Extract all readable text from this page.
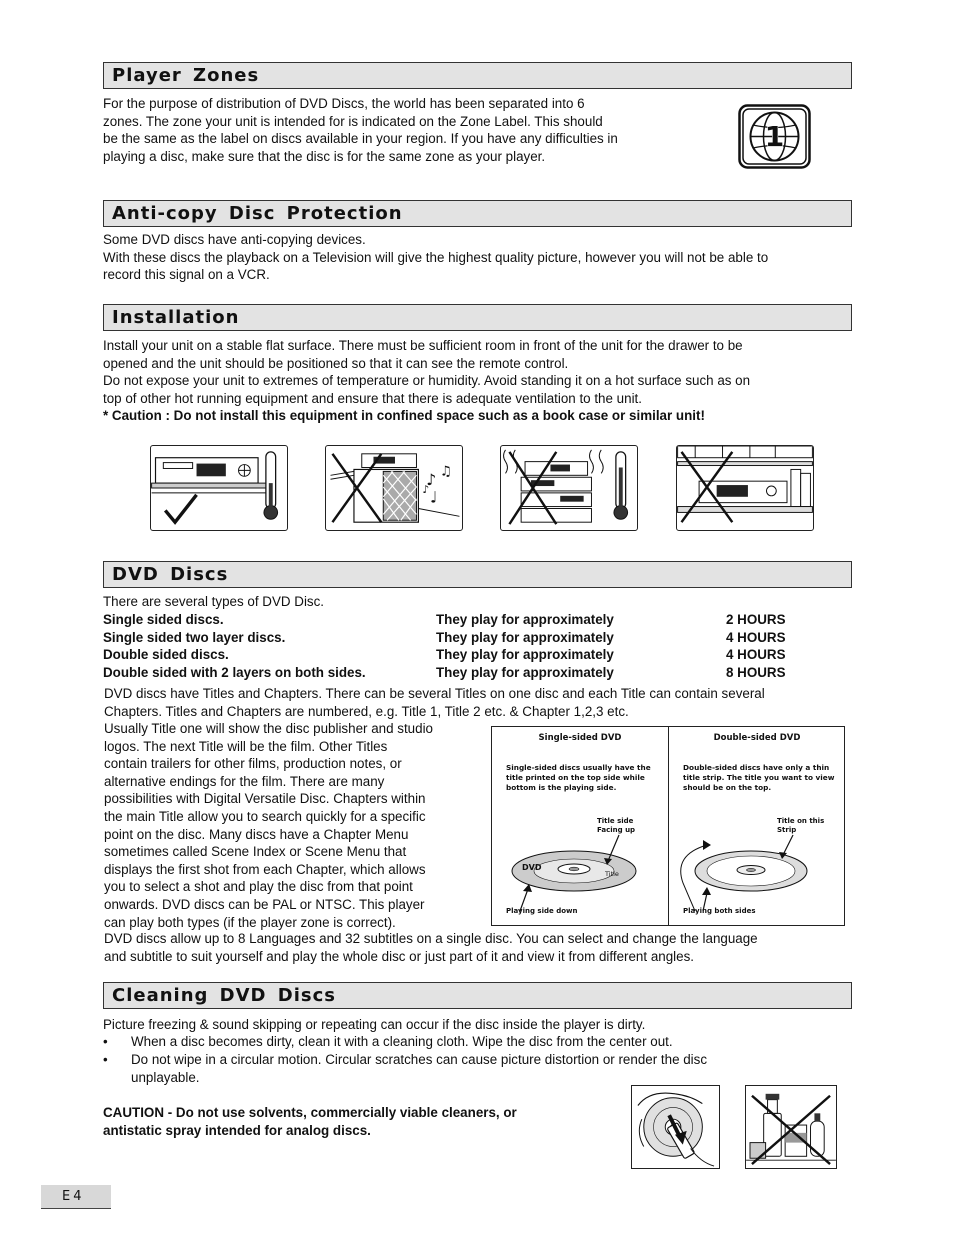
Player Zones

For the purpose of distribution of DVD Discs, the world has been separated into 6

zones. The zone your unit is intended for is indicated on the Zone Label. This should

be the same as the label on discs available in your region. If you have any difficulties in

playing a disc, make sure that the disc is for the same zone as your player.

1
Anti-copy Disc Protection

Some DVD discs have anti-copying devices.

With these discs the playback on a Television will give the highest quality picture, however you will not be able to

record this signal on a VCR.

Installation

Install your unit on a stable flat surface. There must be sufficient room in front of the unit for the drawer to be

opened and the unit should be positioned so that it can see the remote control.

Do not expose your unit to extremes of temperature or humidity. Avoid standing it on a hot surface such as on

top of other hot running equipment and ensure that there is adequate ventilation to the unit.

* Caution : Do not install this equipment in confined space such as a book case or similar unit!

♪ ♫
♩
♪
DVD Discs
There are several types of DVD Disc.
Single sided discs.	They play for approximately	2 HOURS
Single sided two layer discs.	They play for approximately	4 HOURS
Double sided discs.	They play for approximately	4 HOURS
Double sided with 2 layers on both sides.	They play for approximately	8 HOURS

DVD discs have Titles and Chapters. There can be several Titles on one disc and each Title can contain several

Chapters. Titles and Chapters are numbered, e.g. Title 1, Title 2 etc. & Chapter 1,2,3 etc.

Usually Title one will show the disc publisher and studio

logos. The next Title will be the film. Other Titles

contain trailers for other films, production notes, or

alternative endings for the film. There are many

possibilities with Digital Versatile Disc. Chapters within

the main Title allow you to search quickly for a specific

point on the disc. Many discs have a Chapter Menu

sometimes called Scene Index or Scene Menu that

displays the first shot from each Chapter, which allows

you to select a shot and play the disc from that point

onwards. DVD discs can be PAL or NTSC. This player

can play both types (if the player zone is correct).

Single-sided DVD
Single-sided discs usually have the title printed on the top side while bottom is the playing side.
Title side Facing up
DVD
Title
Playing side down
Double-sided DVD
Double-sided discs have only a thin title strip. The title you want to view should be on the top.
Title on this Strip
Playing both sides

DVD discs allow up to 8 Languages and 32 subtitles on a single disc. You can select and change the language

and subtitle to suit yourself and play the whole disc or just part of it and view it from different angles.

Cleaning DVD Discs
Picture freezing & sound skipping or repeating can occur if the disc inside the player is dirty.
• When a disc becomes dirty, clean it with a cleaning cloth. Wipe the disc from the center out.
• Do not wipe in a circular motion. Circular scratches can cause picture distortion or render the disc
unplayable.

CAUTION - Do not use solvents, commercially viable cleaners, or

antistatic spray intended for analog discs.

E4
